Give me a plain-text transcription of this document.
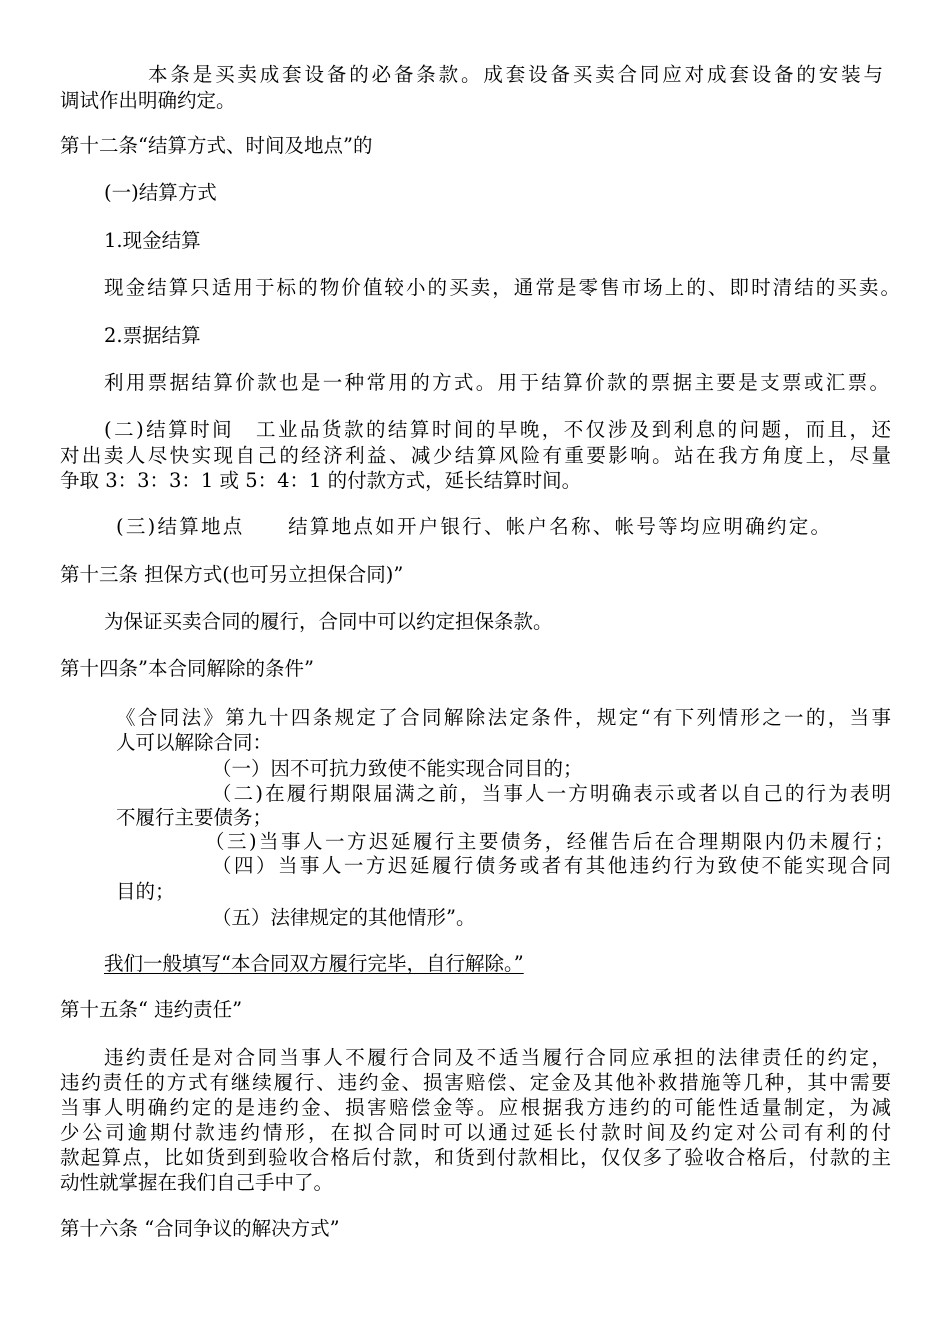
本条是买卖成套设备的必备条款。成套设备买卖合同应对成套设备的安装与

调试作出明确约定。

第十二条“结算方式、时间及地点”的

(一)结算方式

1.现金结算

现金结算只适用于标的物价值较小的买卖，通常是零售市场上的、即时清结的买卖。

2.票据结算

利用票据结算价款也是一种常用的方式。用于结算价款的票据主要是支票或汇票。

(二)结算时间　工业品货款的结算时间的早晚，不仅涉及到利息的问题，而且，还

对出卖人尽快实现自己的经济利益、减少结算风险有重要影响。站在我方角度上，尽量

争取 3：3：3：1 或 5：4：1 的付款方式，延长结算时间。

(三)结算地点　　结算地点如开户银行、帐户名称、帐号等均应明确约定。

第十三条 担保方式(也可另立担保合同)”

为保证买卖合同的履行，合同中可以约定担保条款。

第十四条”本合同解除的条件”

《合同法》第九十四条规定了合同解除法定条件，规定“有下列情形之一的，当事

人可以解除合同：

（一）因不可抗力致使不能实现合同目的；

（二)在履行期限届满之前，当事人一方明确表示或者以自己的行为表明

不履行主要债务；

（三)当事人一方迟延履行主要债务，经催告后在合理期限内仍未履行；

（四）当事人一方迟延履行债务或者有其他违约行为致使不能实现合同

目的；

（五）法律规定的其他情形”。

我们一般填写“本合同双方履行完毕，自行解除。”

第十五条“ 违约责任”

违约责任是对合同当事人不履行合同及不适当履行合同应承担的法律责任的约定，

违约责任的方式有继续履行、违约金、损害赔偿、定金及其他补救措施等几种，其中需要

当事人明确约定的是违约金、损害赔偿金等。应根据我方违约的可能性适量制定，为减

少公司逾期付款违约情形，在拟合同时可以通过延长付款时间及约定对公司有利的付

款起算点，比如货到到验收合格后付款，和货到付款相比，仅仅多了验收合格后，付款的主

动性就掌握在我们自己手中了。

第十六条 “合同争议的解决方式”
